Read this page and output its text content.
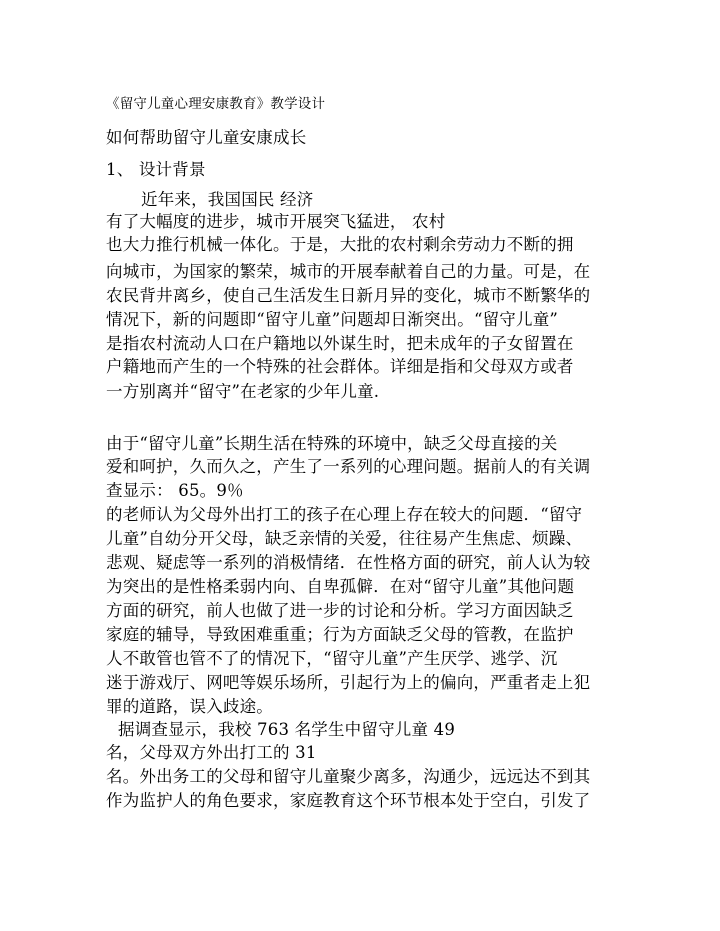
《留守儿童心理安康教育》教学设计
如何帮助留守儿童安康成长
1、 设计背景
近年来，我国国民 经济
有了大幅度的进步，城市开展突飞猛进， 农村
也大力推行机械一体化。于是，大批的农村剩余劳动力不断的拥
向城市，为国家的繁荣，城市的开展奉献着自己的力量。可是，在
农民背井离乡，使自己生活发生日新月异的变化，城市不断繁华的
情况下，新的问题即“留守儿童”问题却日渐突出。“留守儿童”
是指农村流动人口在户籍地以外谋生时，把未成年的子女留置在
户籍地而产生的一个特殊的社会群体。详细是指和父母双方或者
一方别离并“留守”在老家的少年儿童.
由于“留守儿童”长期生活在特殊的环境中，缺乏父母直接的关
爱和呵护，久而久之，产生了一系列的心理问题。据前人的有关调
查显示： 65。9％
的老师认为父母外出打工的孩子在心理上存在较大的问题．“留守
儿童”自幼分开父母，缺乏亲情的关爱，往往易产生焦虑、烦躁、
悲观、疑虑等一系列的消极情绪．在性格方面的研究，前人认为较
为突出的是性格柔弱内向、自卑孤僻．在对“留守儿童”其他问题
方面的研究，前人也做了进一步的讨论和分析。学习方面因缺乏
家庭的辅导，导致困难重重；行为方面缺乏父母的管教，在监护
人不敢管也管不了的情况下，“留守儿童”产生厌学、逃学、沉
迷于游戏厅、网吧等娱乐场所，引起行为上的偏向，严重者走上犯
罪的道路，误入歧途。
据调查显示，我校 763 名学生中留守儿童 49
名，父母双方外出打工的 31
名。外出务工的父母和留守儿童聚少离多，沟通少，远远达不到其
作为监护人的角色要求，家庭教育这个环节根本处于空白，引发了
